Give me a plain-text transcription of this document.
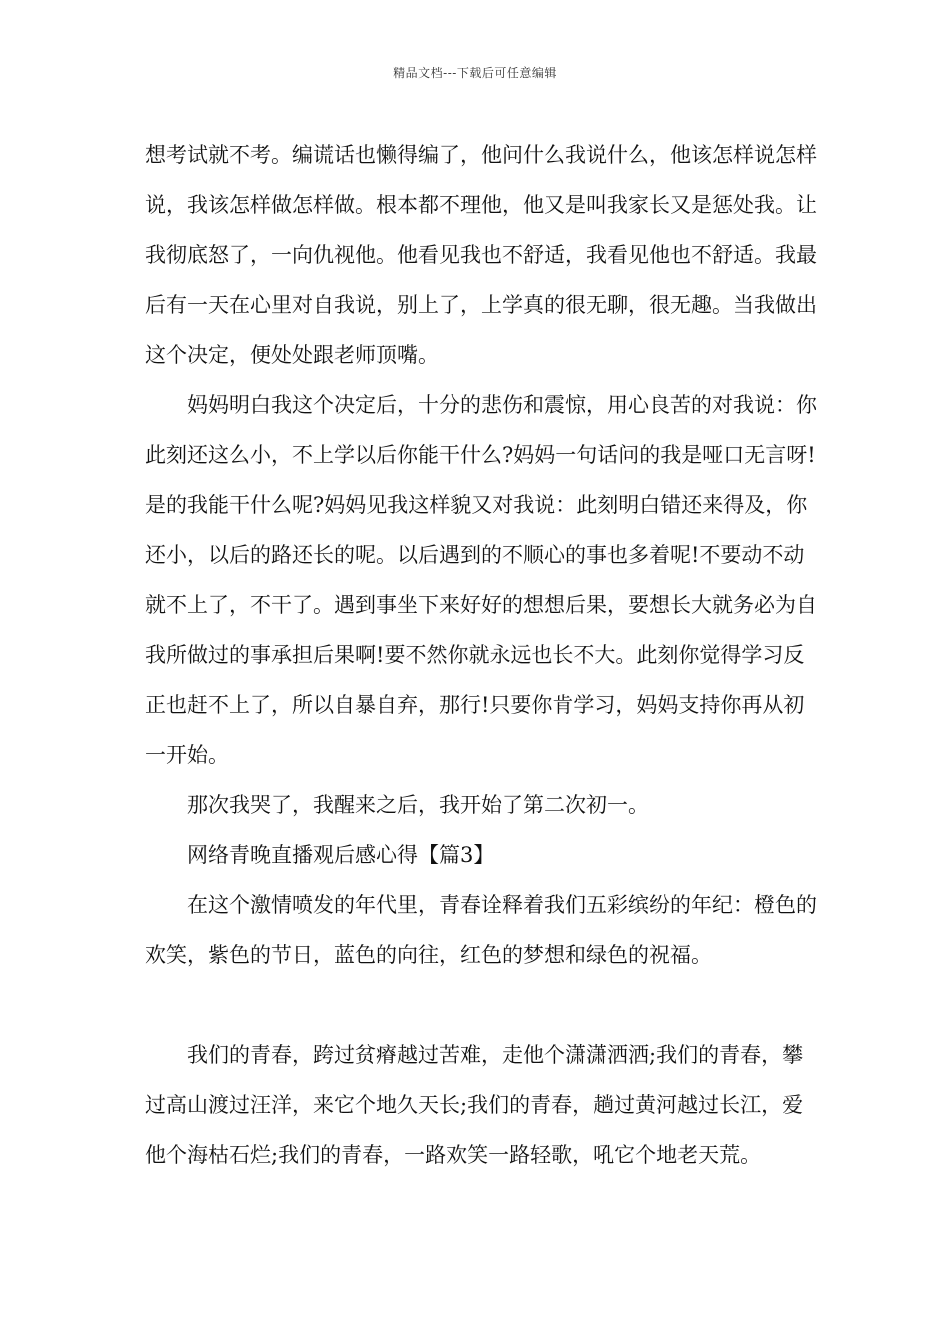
精品文档---下载后可任意编辑

想考试就不考。编谎话也懒得编了，他问什么我说什么，他该怎样说怎样说，我该怎样做怎样做。根本都不理他，他又是叫我家长又是惩处我。让我彻底怒了，一向仇视他。他看见我也不舒适，我看见他也不舒适。我最后有一天在心里对自我说，别上了，上学真的很无聊，很无趣。当我做出这个决定，便处处跟老师顶嘴。

妈妈明白我这个决定后，十分的悲伤和震惊，用心良苦的对我说：你此刻还这么小，不上学以后你能干什么?妈妈一句话问的我是哑口无言呀!是的我能干什么呢?妈妈见我这样貌又对我说：此刻明白错还来得及，你还小，以后的路还长的呢。以后遇到的不顺心的事也多着呢!不要动不动就不上了，不干了。遇到事坐下来好好的想想后果，要想长大就务必为自我所做过的事承担后果啊!要不然你就永远也长不大。此刻你觉得学习反正也赶不上了，所以自暴自弃，那行!只要你肯学习，妈妈支持你再从初一开始。

那次我哭了，我醒来之后，我开始了第二次初一。

网络青晚直播观后感心得【篇3】

在这个激情喷发的年代里，青春诠释着我们五彩缤纷的年纪：橙色的欢笑，紫色的节日，蓝色的向往，红色的梦想和绿色的祝福。

我们的青春，跨过贫瘠越过苦难，走他个潇潇洒洒;我们的青春，攀过高山渡过汪洋，来它个地久天长;我们的青春，趟过黄河越过长江，爱他个海枯石烂;我们的青春，一路欢笑一路轻歌，吼它个地老天荒。
